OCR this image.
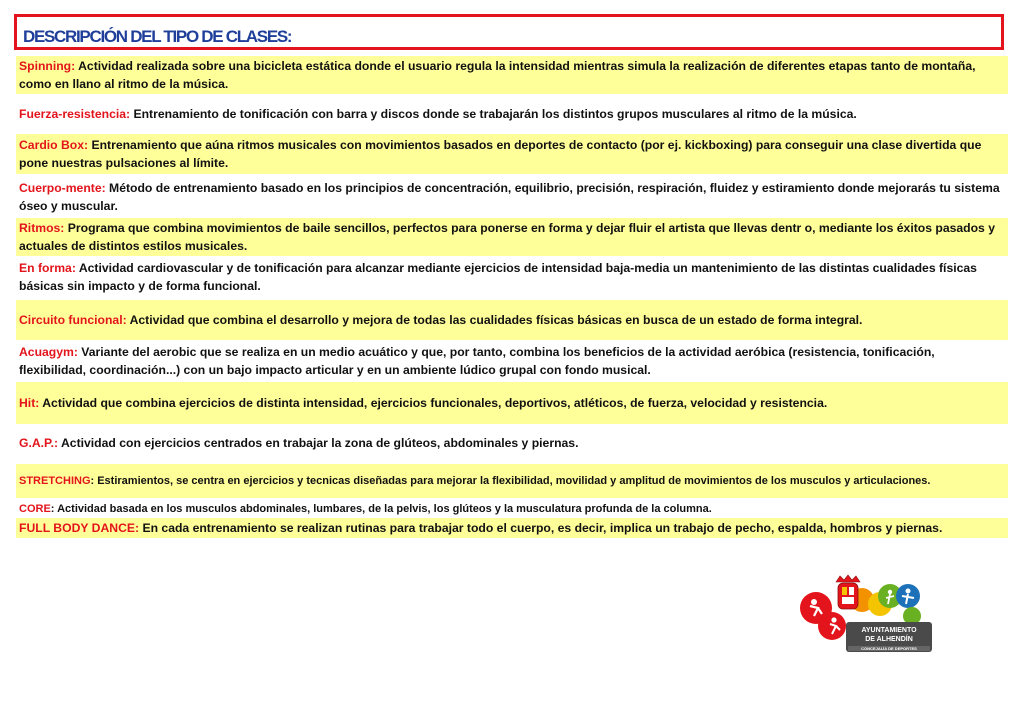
DESCRIPCIÓN DEL TIPO DE CLASES:
Spinning: Actividad realizada sobre una bicicleta estática donde el usuario regula la intensidad mientras simula la realización de diferentes etapas tanto de montaña, como en llano al ritmo de la música.
Fuerza-resistencia: Entrenamiento de tonificación con barra y discos donde se trabajarán los distintos grupos musculares al ritmo de la música.
Cardio Box: Entrenamiento que aúna ritmos musicales con movimientos basados en deportes de contacto (por ej. kickboxing) para conseguir una clase divertida que pone nuestras pulsaciones al límite.
Cuerpo-mente: Método de entrenamiento basado en los principios de concentración, equilibrio, precisión, respiración, fluidez y estiramiento donde mejorarás tu sistema óseo y muscular.
Ritmos: Programa que combina movimientos de baile sencillos, perfectos para ponerse en forma y dejar fluir el artista que llevas dentr o, mediante los éxitos pasados y actuales de distintos estilos musicales.
En forma: Actividad cardiovascular y de tonificación para alcanzar mediante ejercicios de intensidad baja-media un mantenimiento de las distintas cualidades físicas básicas sin impacto y de forma funcional.
Circuito funcional: Actividad que combina el desarrollo y mejora de todas las cualidades físicas básicas en busca de un estado de forma integral.
Acuagym: Variante del aerobic que se realiza en un medio acuático y que, por tanto, combina los beneficios de la actividad aeróbica (resistencia, tonificación, flexibilidad, coordinación...) con un bajo impacto articular y en un ambiente lúdico grupal con fondo musical.
Hit: Actividad que combina ejercicios de distinta intensidad, ejercicios funcionales, deportivos, atléticos, de fuerza, velocidad y resistencia.
G.A.P.: Actividad con ejercicios centrados en trabajar la zona de glúteos, abdominales y piernas.
STRETCHING: Estiramientos, se centra en ejercicios y tecnicas diseñadas para mejorar la flexibilidad, movilidad y amplitud de movimientos de los musculos y articulaciones.
CORE: Actividad basada en los musculos abdominales, lumbares, de la pelvis, los glúteos y la musculatura profunda de la columna.
FULL BODY DANCE: En cada entrenamiento se realizan rutinas para trabajar todo el cuerpo, es decir, implica un trabajo de pecho, espalda, hombros y piernas.
AYUNTAMIENTO
DE ALHENDÍN
CONCEJALÍA DE DEPORTES
